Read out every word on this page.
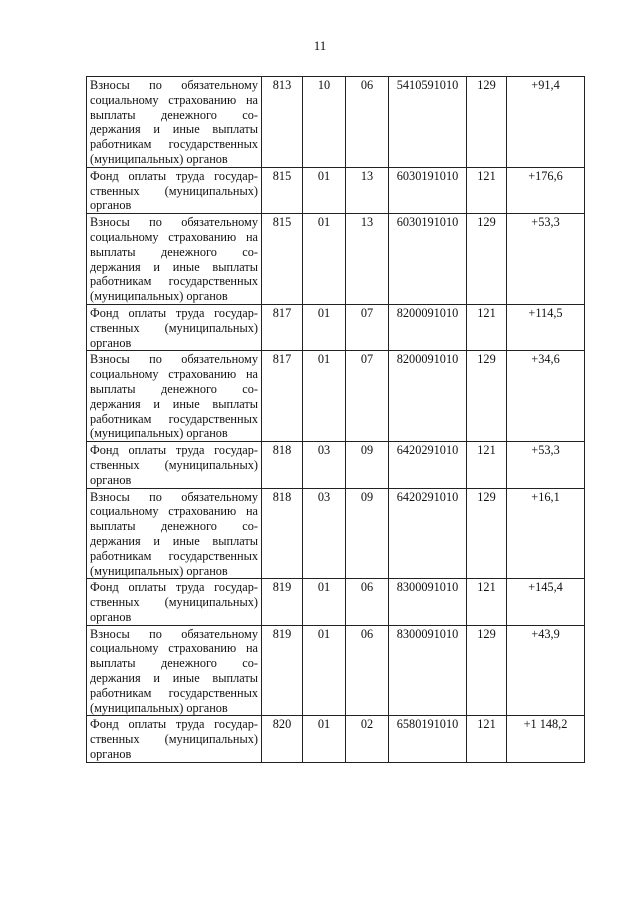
11
Взносы по обязательному социальному страхованию на выплаты денежного содержания и иные выплаты работникам государственных (муниципальных) органов	813	10	06	5410591010	129	+91,4
Фонд оплаты труда государственных (муниципальных) органов	815	01	13	6030191010	121	+176,6
Взносы по обязательному социальному страхованию на выплаты денежного содержания и иные выплаты работникам государственных (муниципальных) органов	815	01	13	6030191010	129	+53,3
Фонд оплаты труда государственных (муниципальных) органов	817	01	07	8200091010	121	+114,5
Взносы по обязательному социальному страхованию на выплаты денежного содержания и иные выплаты работникам государственных (муниципальных) органов	817	01	07	8200091010	129	+34,6
Фонд оплаты труда государственных (муниципальных) органов	818	03	09	6420291010	121	+53,3
Взносы по обязательному социальному страхованию на выплаты денежного содержания и иные выплаты работникам государственных (муниципальных) органов	818	03	09	6420291010	129	+16,1
Фонд оплаты труда государственных (муниципальных) органов	819	01	06	8300091010	121	+145,4
Взносы по обязательному социальному страхованию на выплаты денежного содержания и иные выплаты работникам государственных (муниципальных) органов	819	01	06	8300091010	129	+43,9
Фонд оплаты труда государственных (муниципальных) органов	820	01	02	6580191010	121	+1 148,2
